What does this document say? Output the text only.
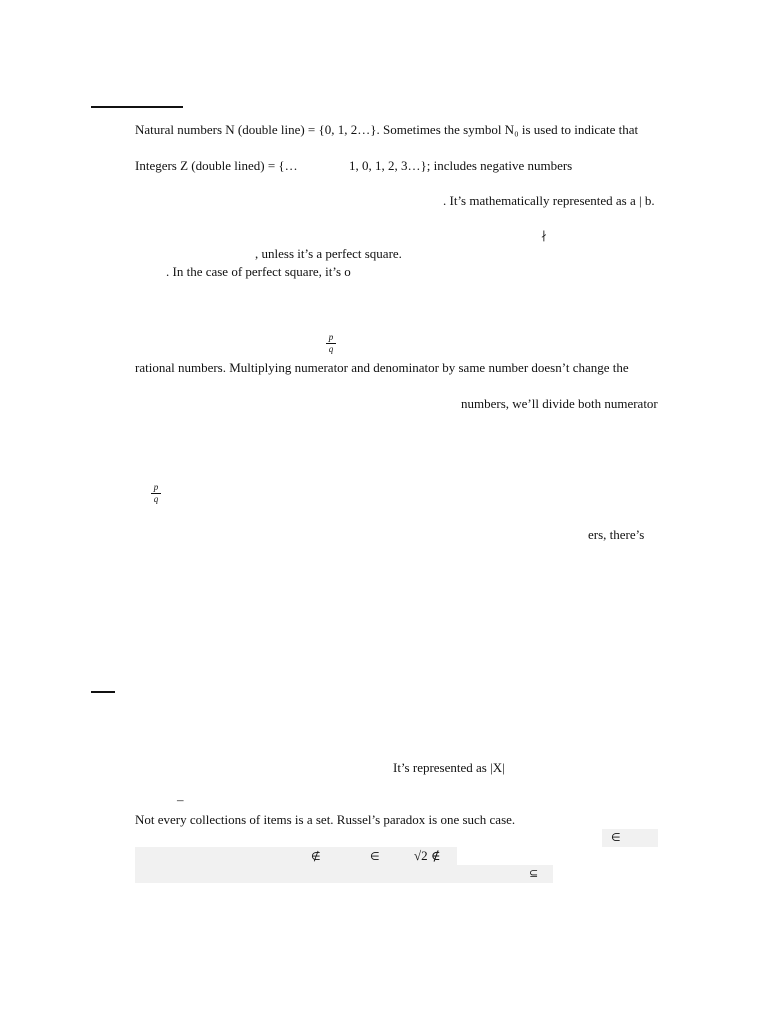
Natural numbers N (double line) = {0, 1, 2…}. Sometimes the symbol N₀ is used to indicate that
Integers Z (double lined) = {…	1, 0, 1, 2, 3…}; includes negative numbers
. It’s mathematically represented as a | b.
∤
, unless it’s a perfect square.
. In the case of perfect square, it’s o
p
q
rational numbers. Multiplying numerator and denominator by same number doesn’t change the
numbers, we’ll divide both numerator
p
q
ers, there’s
It’s represented as |X|
–
Not every collections of items is a set. Russel’s paradox is one such case.
∈
∉	∈	√2 ∉
⊆
